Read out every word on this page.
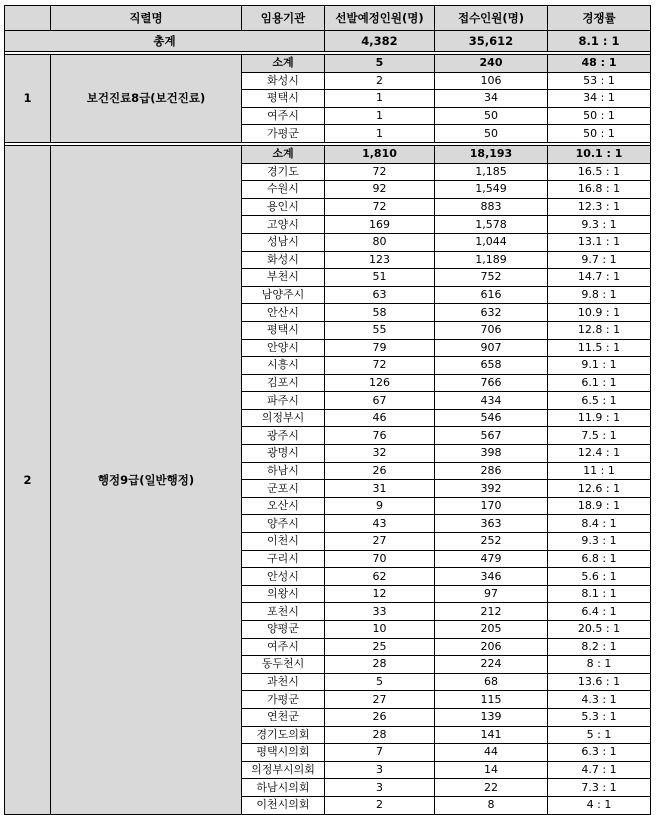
	직렬명	임용기관	선발예정인원(명)	접수인원(명)	경쟁률
총계			4,382	35,612	8.1 : 1

1	보건진료8급(보건진료)	소계	5	240	48 : 1
		화성시	2	106	53 : 1
		평택시	1	34	34 : 1
		여주시	1	50	50 : 1
		가평군	1	50	50 : 1

2	행정9급(일반행정)	소계	1,810	18,193	10.1 : 1
		경기도	72	1,185	16.5 : 1
		수원시	92	1,549	16.8 : 1
		용인시	72	883	12.3 : 1
		고양시	169	1,578	9.3 : 1
		성남시	80	1,044	13.1 : 1
		화성시	123	1,189	9.7 : 1
		부천시	51	752	14.7 : 1
		남양주시	63	616	9.8 : 1
		안산시	58	632	10.9 : 1
		평택시	55	706	12.8 : 1
		안양시	79	907	11.5 : 1
		시흥시	72	658	9.1 : 1
		김포시	126	766	6.1 : 1
		파주시	67	434	6.5 : 1
		의정부시	46	546	11.9 : 1
		광주시	76	567	7.5 : 1
		광명시	32	398	12.4 : 1
		하남시	26	286	11 : 1
		군포시	31	392	12.6 : 1
		오산시	9	170	18.9 : 1
		양주시	43	363	8.4 : 1
		이천시	27	252	9.3 : 1
		구리시	70	479	6.8 : 1
		안성시	62	346	5.6 : 1
		의왕시	12	97	8.1 : 1
		포천시	33	212	6.4 : 1
		양평군	10	205	20.5 : 1
		여주시	25	206	8.2 : 1
		동두천시	28	224	8 : 1
		과천시	5	68	13.6 : 1
		가평군	27	115	4.3 : 1
		연천군	26	139	5.3 : 1
		경기도의회	28	141	5 : 1
		평택시의회	7	44	6.3 : 1
		의정부시의회	3	14	4.7 : 1
		하남시의회	3	22	7.3 : 1
		이천시의회	2	8	4 : 1
